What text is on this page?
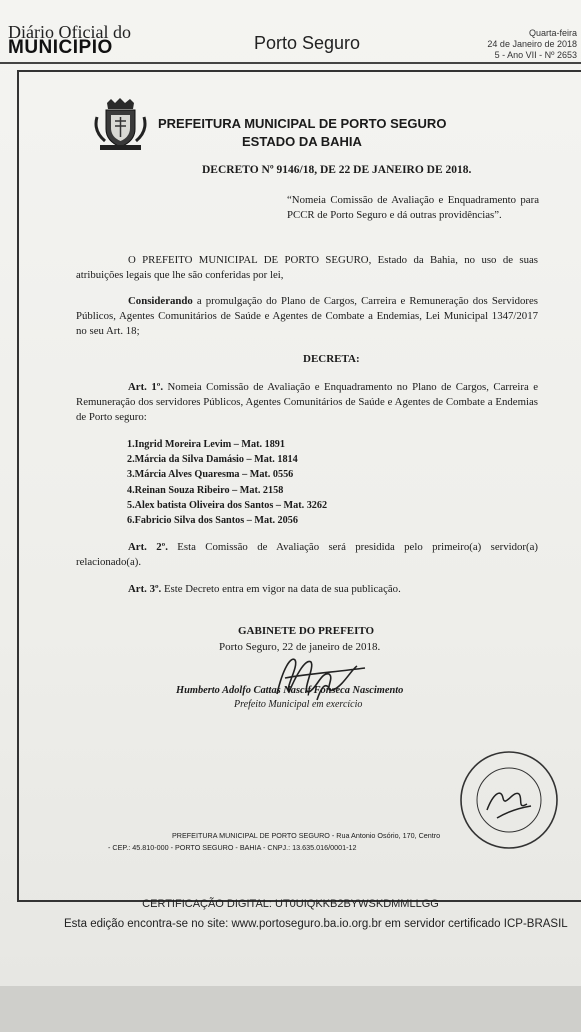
Diário Oficial do
MUNICIPIO	Porto Seguro	Quarta-feira
24 de Janeiro de 2018
5 - Ano VII - Nº 2653
PREFEITURA MUNICIPAL DE PORTO SEGURO
ESTADO DA BAHIA
DECRETO Nº 9146/18, DE 22 DE JANEIRO DE 2018.
“Nomeia Comissão de Avaliação e Enquadramento para PCCR de Porto Seguro e dá outras providências”.

O PREFEITO MUNICIPAL DE PORTO SEGURO, Estado da Bahia, no uso de suas atribuições legais que lhe são conferidas por lei,

Considerando a promulgação do Plano de Cargos, Carreira e Remuneração dos Servidores Públicos, Agentes Comunitários de Saúde e Agentes de Combate a Endemias, Lei Municipal 1347/2017 no seu Art. 18;

DECRETA:

Art. 1º. Nomeia Comissão de Avaliação e Enquadramento no Plano de Cargos, Carreira e Remuneração dos servidores Públicos, Agentes Comunitários de Saúde e Agentes de Combate a Endemias de Porto seguro:

1.Ingrid Moreira Levim – Mat. 1891
2.Márcia da Silva Damásio – Mat. 1814
3.Márcia Alves Quaresma – Mat. 0556
4.Reinan Souza Ribeiro – Mat. 2158
5.Alex batista Oliveira dos Santos – Mat. 3262
6.Fabricio Silva dos Santos – Mat. 2056

Art. 2º. Esta Comissão de Avaliação será presidida pelo primeiro(a) servidor(a) relacionado(a).

Art. 3º. Este Decreto entra em vigor na data de sua publicação.

GABINETE DO PREFEITO
Porto Seguro, 22 de janeiro de 2018.
Humberto Adolfo Cattas Nascif Fonseca Nascimento
Prefeito Municipal em exercício
PREFEITURA MUNICIPAL DE PORTO SEGURO - Rua Antonio Osório, 170, Centro
- CEP.: 45.810-000 - PORTO SEGURO - BAHIA - CNPJ.: 13.635.016/0001-12
CERTIFICAÇÃO DIGITAL: UT0UIQKKB2BYWSKDMMLLGG
Esta edição encontra-se no site: www.portoseguro.ba.io.org.br em servidor certificado ICP-BRASIL
